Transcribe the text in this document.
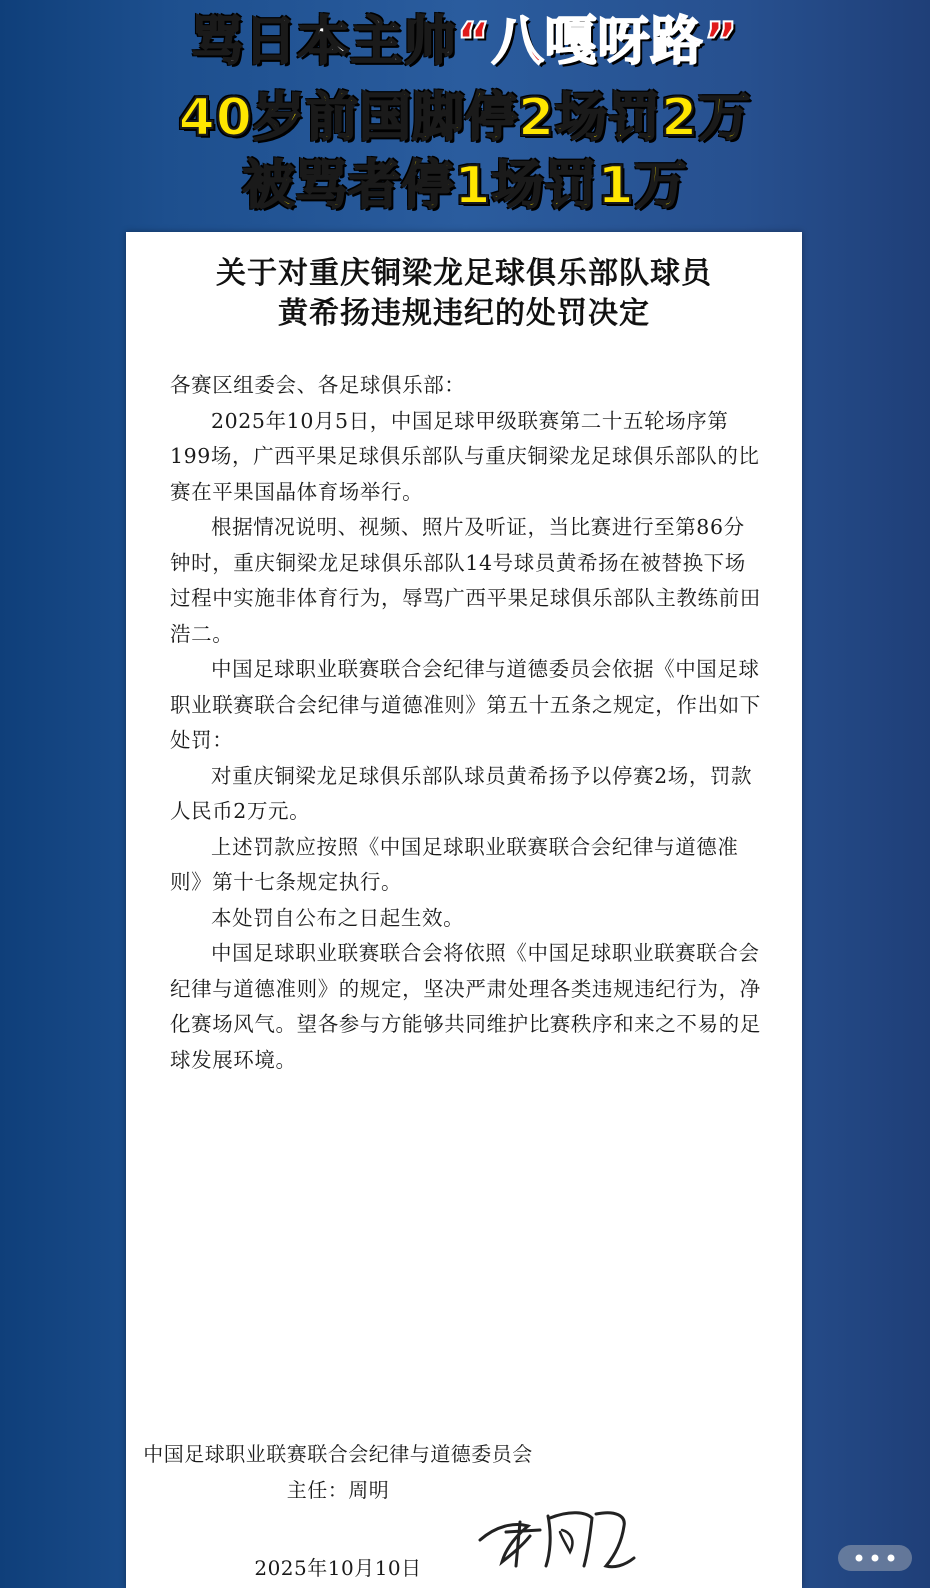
骂日本主帅“八嘎呀路”
40岁前国脚停2场罚2万
被骂者停1场罚1万
关于对重庆铜梁龙足球俱乐部队球员
黄希扬违规违纪的处罚决定

各赛区组委会、各足球俱乐部：

2025年10月5日，中国足球甲级联赛第二十五轮场序第199场，广西平果足球俱乐部队与重庆铜梁龙足球俱乐部队的比赛在平果国晶体育场举行。

根据情况说明、视频、照片及听证，当比赛进行至第86分钟时，重庆铜梁龙足球俱乐部队14号球员黄希扬在被替换下场过程中实施非体育行为，辱骂广西平果足球俱乐部队主教练前田浩二。

中国足球职业联赛联合会纪律与道德委员会依据《中国足球职业联赛联合会纪律与道德准则》第五十五条之规定，作出如下处罚：

对重庆铜梁龙足球俱乐部队球员黄希扬予以停赛2场，罚款人民币2万元。

上述罚款应按照《中国足球职业联赛联合会纪律与道德准则》第十七条规定执行。

本处罚自公布之日起生效。

中国足球职业联赛联合会将依照《中国足球职业联赛联合会纪律与道德准则》的规定，坚决严肃处理各类违规违纪行为，净化赛场风气。望各参与方能够共同维护比赛秩序和来之不易的足球发展环境。

中国足球职业联赛联合会纪律与道德委员会
主任：周明
2025年10月10日
